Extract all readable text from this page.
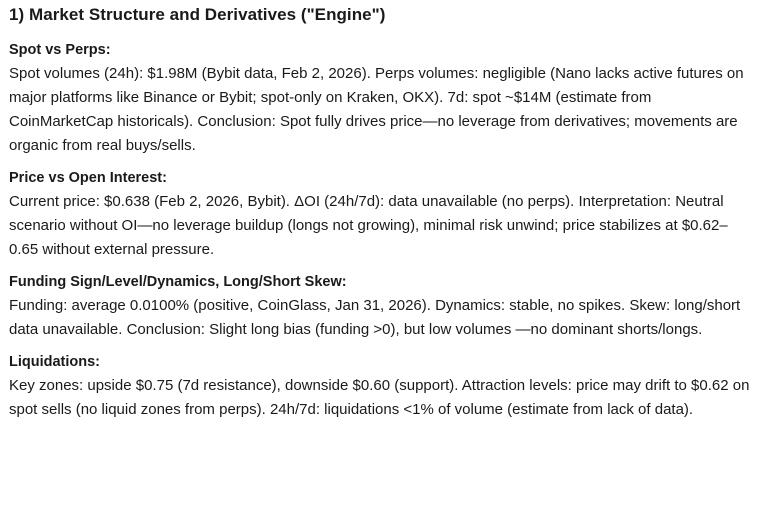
1) Market Structure and Derivatives ("Engine")
Spot vs Perps:

Spot volumes (24h): $1.98M (Bybit data, Feb 2, 2026). Perps volumes: negligible (Nano lacks active futures on major platforms like Binance or Bybit; spot-only on Kraken, OKX). 7d: spot ~$14M (estimate from CoinMarketCap historicals). Conclusion: Spot fully drives price—no leverage from derivatives; movements are organic from real buys/sells.

Price vs Open Interest:

Current price: $0.638 (Feb 2, 2026, Bybit). ΔOI (24h/7d): data unavailable (no perps). Interpretation: Neutral scenario without OI—no leverage buildup (longs not growing), minimal risk unwind; price stabilizes at $0.62–0.65 without external pressure.

Funding Sign/Level/Dynamics, Long/Short Skew:

Funding: average 0.0100% (positive, CoinGlass, Jan 31, 2026). Dynamics: stable, no spikes. Skew: long/short data unavailable. Conclusion: Slight long bias (funding >0), but low volumes —no dominant shorts/longs.

Liquidations:

Key zones: upside $0.75 (7d resistance), downside $0.60 (support). Attraction levels: price may drift to $0.62 on spot sells (no liquid zones from perps). 24h/7d: liquidations <1% of volume (estimate from lack of data).
